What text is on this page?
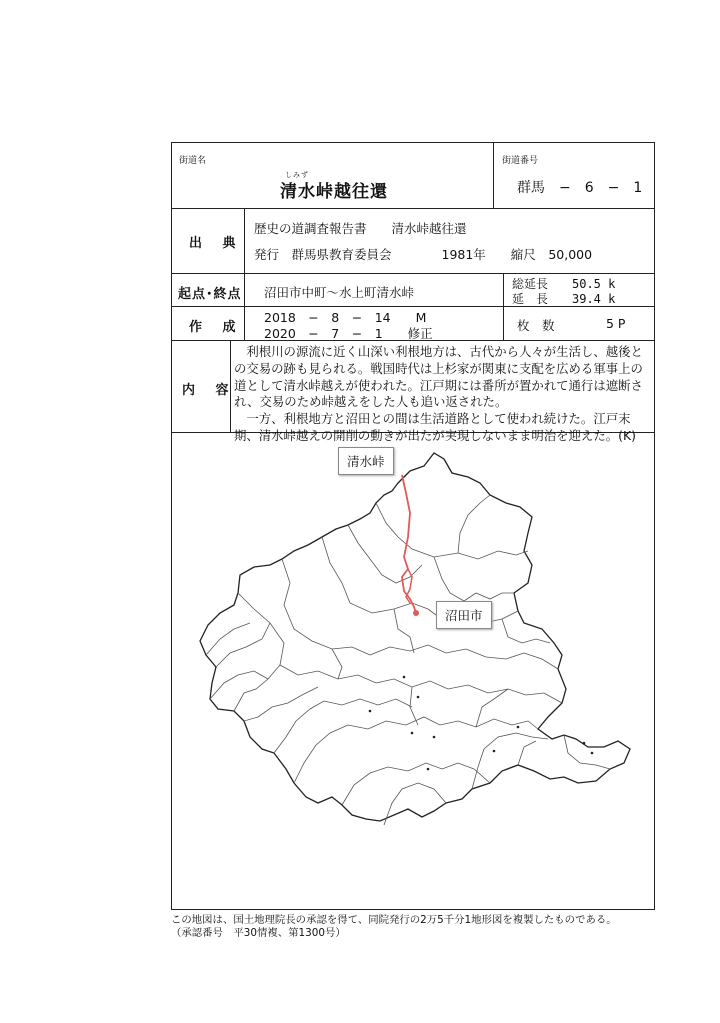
街道名
清水峠越往還
街道番号
群馬　−　6　−　1
しみず
出 典
歴史の道調査報告書　　清水峠越往還
発行　群馬県教育委員会　　　　1981年　　縮尺　50,000
起点･終点 沼田市中町～水上町清水峠
総延長　　50.5 k
延　長　　39.4 k
作 成
2018　−　8　−　14　　M
2020　−　7　−　1　　修正
枚　数	5 P
内 容

利根川の源流に近く山深い利根地方は、古代から人々が生活し、越後との交易の跡も見られる。戦国時代は上杉家が関東に支配を広める軍事上の道として清水峠越えが使われた。江戸期には番所が置かれて通行は遮断され、交易のため峠越えをした人も追い返された。

一方、利根地方と沼田との間は生活道路として使われ続けた。江戸末期、清水峠越えの開削の動きが出たが実現しないまま明治を迎えた。(K)

清水峠
沼田市
この地図は、国土地理院長の承認を得て、同院発行の2万5千分1地形図を複製したものである。
（承認番号　平30情複、第1300号）
